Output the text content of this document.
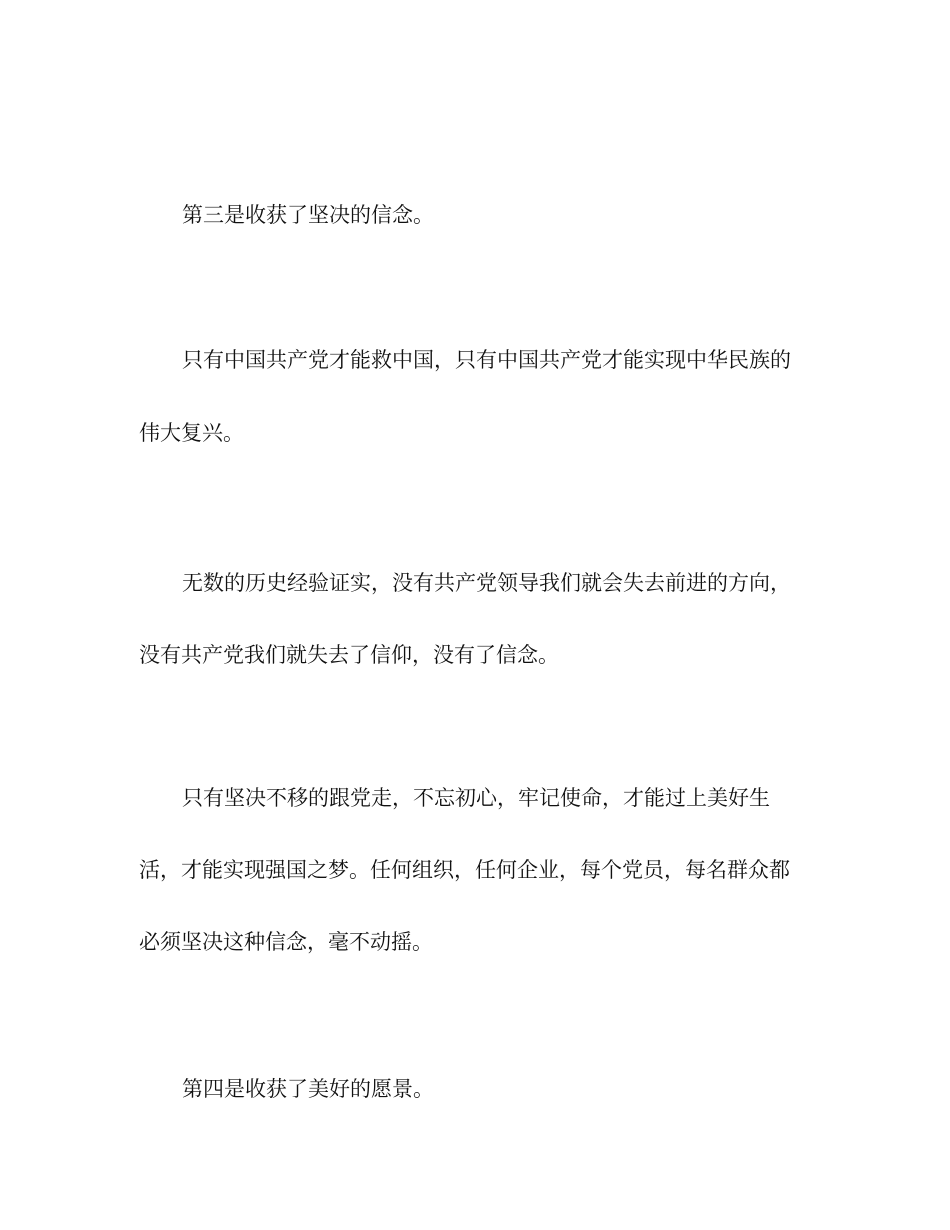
第三是收获了坚决的信念。

只有中国共产党才能救中国，只有中国共产党才能实现中华民族的

伟大复兴。

无数的历史经验证实，没有共产党领导我们就会失去前进的方向，

没有共产党我们就失去了信仰，没有了信念。

只有坚决不移的跟党走，不忘初心，牢记使命，才能过上美好生

活，才能实现强国之梦。任何组织，任何企业，每个党员，每名群众都

必须坚决这种信念，毫不动摇。

第四是收获了美好的愿景。
